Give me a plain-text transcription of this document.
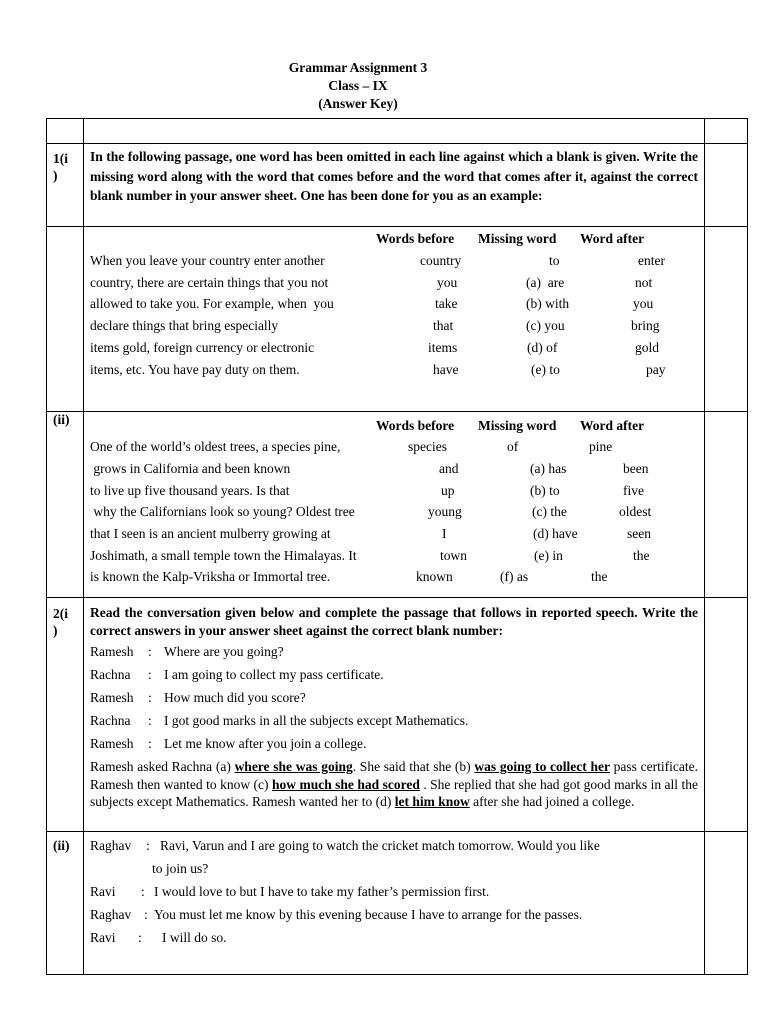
Grammar Assignment 3
Class – IX
(Answer Key)
1(i
)
In the following passage, one word has been omitted in each line against which a blank is given. Write the missing word along with the word that comes before and the word that comes after it, against the correct blank number in your answer sheet. One has been done for you as an example:
Words before Missing word Word after
When you leave your country enter another	country	to	enter
country, there are certain things that you not	you	(a)  are	not
allowed to take you. For example, when  you	take	(b) with	you
declare things that bring especially	that	(c) you	bring
items gold, foreign currency or electronic	items	(d) of	gold
items, etc. You have pay duty on them.	have	(e) to	pay
(ii)	Words before Missing word Word after
One of the world’s oldest trees, a species pine,	species	of	pine
grows in California and been known	and	(a) has	been
to live up five thousand years. Is that	up	(b) to	five
why the Californians look so young? Oldest tree	young	(c) the	oldest
that I seen is an ancient mulberry growing at	I	(d) have	seen
Joshimath, a small temple town the Himalayas. It	town	(e) in	the
is known the Kalp-Vriksha or Immortal tree.	known	(f) as	the
2(i
)
Read the conversation given below and complete the passage that follows in reported speech. Write the correct answers in your answer sheet against the correct blank number:
Ramesh : Where are you going?
Rachna : I am going to collect my pass certificate.
Ramesh : How much did you score?
Rachna : I got good marks in all the subjects except Mathematics.
Ramesh : Let me know after you join a college.
Ramesh asked Rachna (a) where she was going. She said that she (b) was going to collect her pass certificate. Ramesh then wanted to know (c) how much she had scored . She replied that she had got good marks in all the subjects except Mathematics. Ramesh wanted her to (d) let him know after she had joined a college.
(ii) Raghav : Ravi, Varun and I are going to watch the cricket match tomorrow. Would you like
to join us?
Ravi : I would love to but I have to take my father’s permission first.
Raghav : You must let me know by this evening because I have to arrange for the passes.
Ravi : I will do so.
